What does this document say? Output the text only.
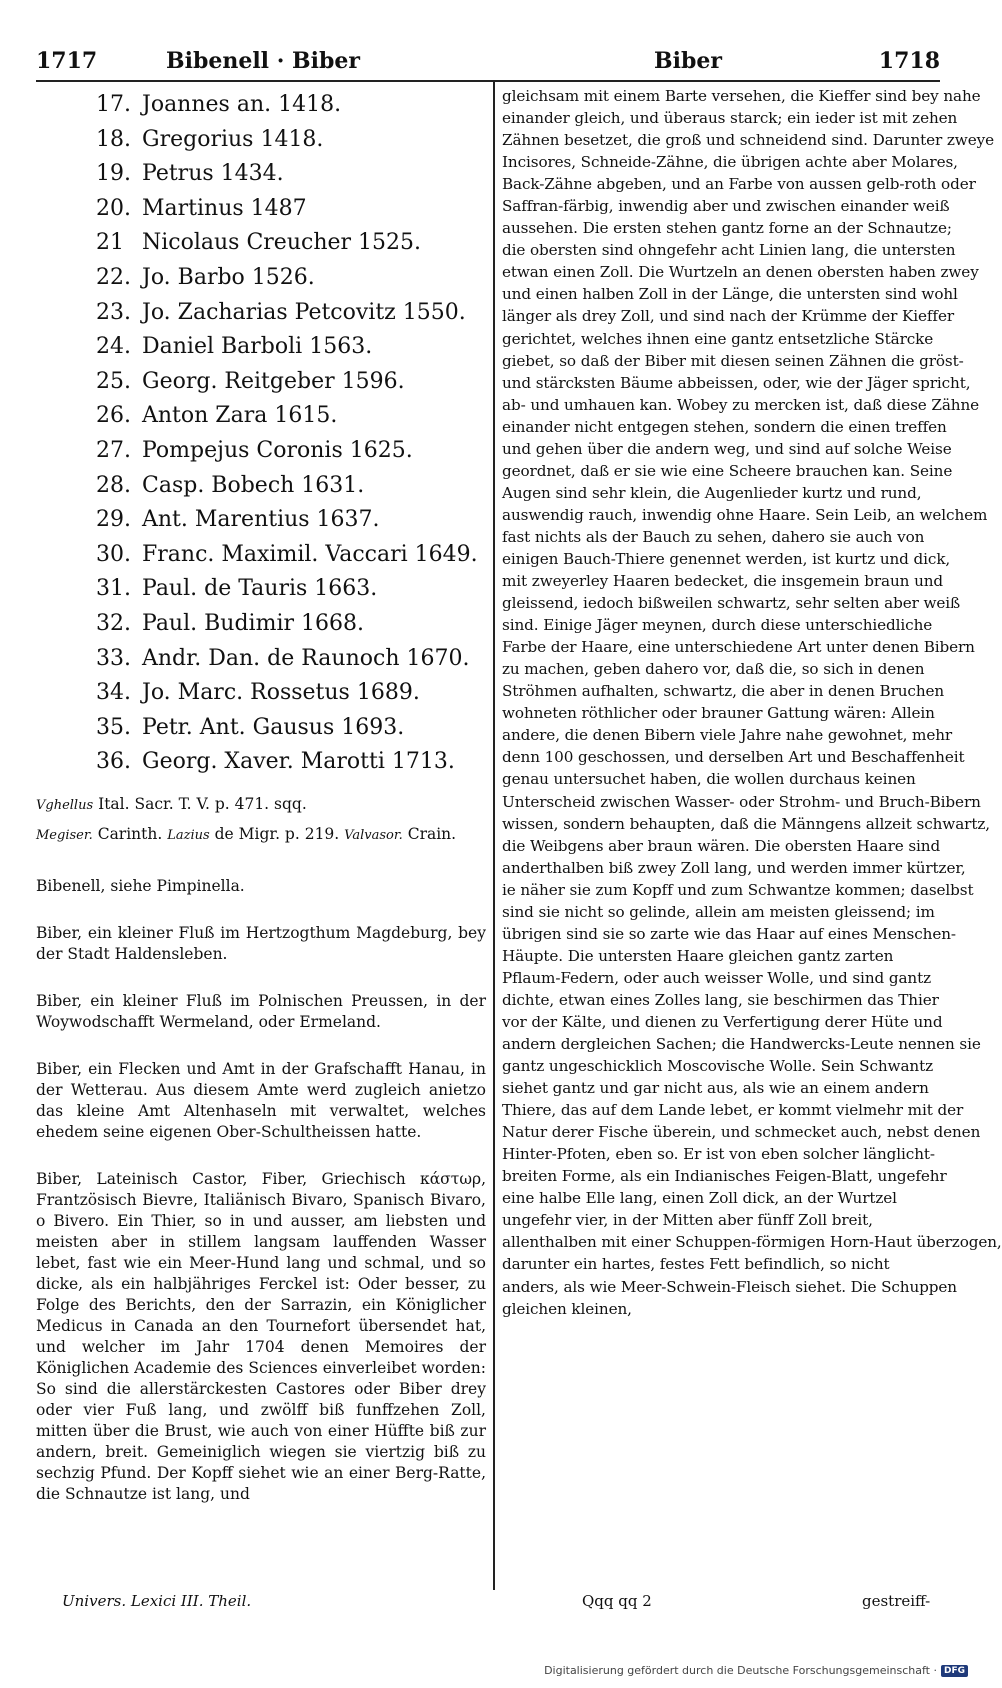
1717	Bibenell · Biber	Biber	1718
17. Joannes an. 1418.
18. Gregorius 1418.
19. Petrus 1434.
20. Martinus 1487
21 Nicolaus Creucher 1525.
22. Jo. Barbo 1526.
23. Jo. Zacharias Petcovitz 1550.
24. Daniel Barboli 1563.
25. Georg. Reitgeber 1596.
26. Anton Zara 1615.
27. Pompejus Coronis 1625.
28. Casp. Bobech 1631.
29. Ant. Marentius 1637.
30. Franc. Maximil. Vaccari 1649.
31. Paul. de Tauris 1663.
32. Paul. Budimir 1668.
33. Andr. Dan. de Raunoch 1670.
34. Jo. Marc. Rossetus 1689.
35. Petr. Ant. Gausus 1693.
36. Georg. Xaver. Marotti 1713.

Vghellus Ital. Sacr. T. V. p. 471. sqq.

Megiser. Carinth. Lazius de Migr. p. 219. Valvasor. Crain.

Bibenell, siehe Pimpinella.

Biber, ein kleiner Fluß im Hertzogthum Magdeburg, bey der Stadt Haldensleben.

Biber, ein kleiner Fluß im Polnischen Preussen, in der Woywodschafft Wermeland, oder Ermeland.

Biber, ein Flecken und Amt in der Grafschafft Hanau, in der Wetterau. Aus diesem Amte werd zugleich anietzo das kleine Amt Altenhaseln mit verwaltet, welches ehedem seine eigenen Ober-Schultheissen hatte.

Biber, Lateinisch Castor, Fiber, Griechisch κάστωρ, Frantzösisch Bievre, Italiänisch Bivaro, Spanisch Bivaro, o Bivero. Ein Thier, so in und ausser, am liebsten und meisten aber in stillem langsam lauffenden Wasser lebet, fast wie ein Meer-Hund lang und schmal, und so dicke, als ein halbjähriges Ferckel ist: Oder besser, zu Folge des Berichts, den der Sarrazin, ein Königlicher Medicus in Canada an den Tournefort übersendet hat, und welcher im Jahr 1704 denen Memoires der Königlichen Academie des Sciences einverleibet worden: So sind die allerstärckesten Castores oder Biber drey oder vier Fuß lang, und zwölff biß funffzehen Zoll, mitten über die Brust, wie auch von einer Hüffte biß zur andern, breit. Gemeiniglich wiegen sie viertzig biß zu sechzig Pfund. Der Kopff siehet wie an einer Berg-Ratte, die Schnautze ist lang, und

gleichsam mit einem Barte versehen, die Kieffer sind bey nahe
einander gleich, und überaus starck; ein ieder ist mit zehen
Zähnen besetzet, die groß und schneidend sind. Darunter zweye
Incisores, Schneide-Zähne, die übrigen achte aber Molares,
Back-Zähne abgeben, und an Farbe von aussen gelb-roth oder
Saffran-färbig, inwendig aber und zwischen einander weiß
aussehen. Die ersten stehen gantz forne an der Schnautze;
die obersten sind ohngefehr acht Linien lang, die untersten
etwan einen Zoll. Die Wurtzeln an denen obersten haben zwey
und einen halben Zoll in der Länge, die untersten sind wohl
länger als drey Zoll, und sind nach der Krümme der Kieffer
gerichtet, welches ihnen eine gantz entsetzliche Stärcke
giebet, so daß der Biber mit diesen seinen Zähnen die gröst-
und stärcksten Bäume abbeissen, oder, wie der Jäger spricht,
ab- und umhauen kan. Wobey zu mercken ist, daß diese Zähne
einander nicht entgegen stehen, sondern die einen treffen
und gehen über die andern weg, und sind auf solche Weise
geordnet, daß er sie wie eine Scheere brauchen kan. Seine
Augen sind sehr klein, die Augenlieder kurtz und rund,
auswendig rauch, inwendig ohne Haare. Sein Leib, an welchem
fast nichts als der Bauch zu sehen, dahero sie auch von
einigen Bauch-Thiere genennet werden, ist kurtz und dick,
mit zweyerley Haaren bedecket, die insgemein braun und
gleissend, iedoch bißweilen schwartz, sehr selten aber weiß
sind. Einige Jäger meynen, durch diese unterschiedliche
Farbe der Haare, eine unterschiedene Art unter denen Bibern
zu machen, geben dahero vor, daß die, so sich in denen
Ströhmen aufhalten, schwartz, die aber in denen Bruchen
wohneten röthlicher oder brauner Gattung wären: Allein
andere, die denen Bibern viele Jahre nahe gewohnet, mehr
denn 100 geschossen, und derselben Art und Beschaffenheit
genau untersuchet haben, die wollen durchaus keinen
Unterscheid zwischen Wasser- oder Strohm- und Bruch-Bibern
wissen, sondern behaupten, daß die Männgens allzeit schwartz,
die Weibgens aber braun wären. Die obersten Haare sind
anderthalben biß zwey Zoll lang, und werden immer kürtzer,
ie näher sie zum Kopff und zum Schwantze kommen; daselbst
sind sie nicht so gelinde, allein am meisten gleissend; im
übrigen sind sie so zarte wie das Haar auf eines Menschen-
Häupte. Die untersten Haare gleichen gantz zarten
Pflaum-Federn, oder auch weisser Wolle, und sind gantz
dichte, etwan eines Zolles lang, sie beschirmen das Thier
vor der Kälte, und dienen zu Verfertigung derer Hüte und
andern dergleichen Sachen; die Handwercks-Leute nennen sie
gantz ungeschicklich Moscovische Wolle. Sein Schwantz
siehet gantz und gar nicht aus, als wie an einem andern
Thiere, das auf dem Lande lebet, er kommt vielmehr mit der
Natur derer Fische überein, und schmecket auch, nebst denen
Hinter-Pfoten, eben so. Er ist von eben solcher länglicht-
breiten Forme, als ein Indianisches Feigen-Blatt, ungefehr
eine halbe Elle lang, einen Zoll dick, an der Wurtzel
ungefehr vier, in der Mitten aber fünff Zoll breit,
allenthalben mit einer Schuppen-förmigen Horn-Haut überzogen,
darunter ein hartes, festes Fett befindlich, so nicht
anders, als wie Meer-Schwein-Fleisch siehet. Die Schuppen
gleichen kleinen,
Univers. Lexici III. Theil.	Qqq qq 2	gestreiff-
Digitalisierung gefördert durch die Deutsche Forschungsgemeinschaft · DFG
